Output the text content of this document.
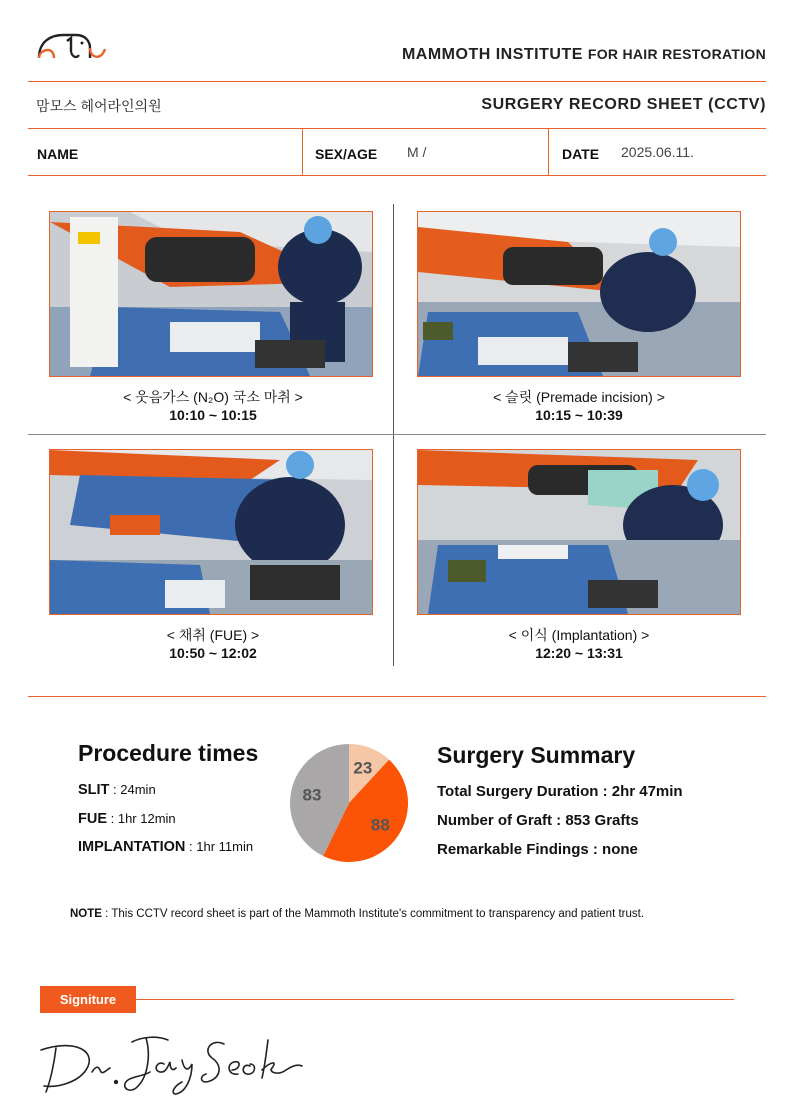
MAMMOTH INSTITUTE FOR HAIR RESTORATION
맘모스 헤어라인의원	SURGERY RECORD SHEET (CCTV)
NAME	SEX/AGE M /	DATE 2025.06.11.
< 웃음가스 (N₂O) 국소 마취 >
10:10 ~ 10:15
< 슬릿 (Premade incision) >
10:15 ~ 10:39
< 채취 (FUE) >
10:50 ~ 12:02
< 이식 (Implantation) >
12:20 ~ 13:31
Procedure times
SLIT : 24min
FUE : 1hr 12min
IMPLANTATION : 1hr 11min
23
88
83
Surgery Summary
Total Surgery Duration : 2hr 47min
Number of Graft : 853 Grafts
Remarkable Findings : none
NOTE : This CCTV record sheet is part of the Mammoth Institute's commitment to transparency and patient trust.
Signiture
